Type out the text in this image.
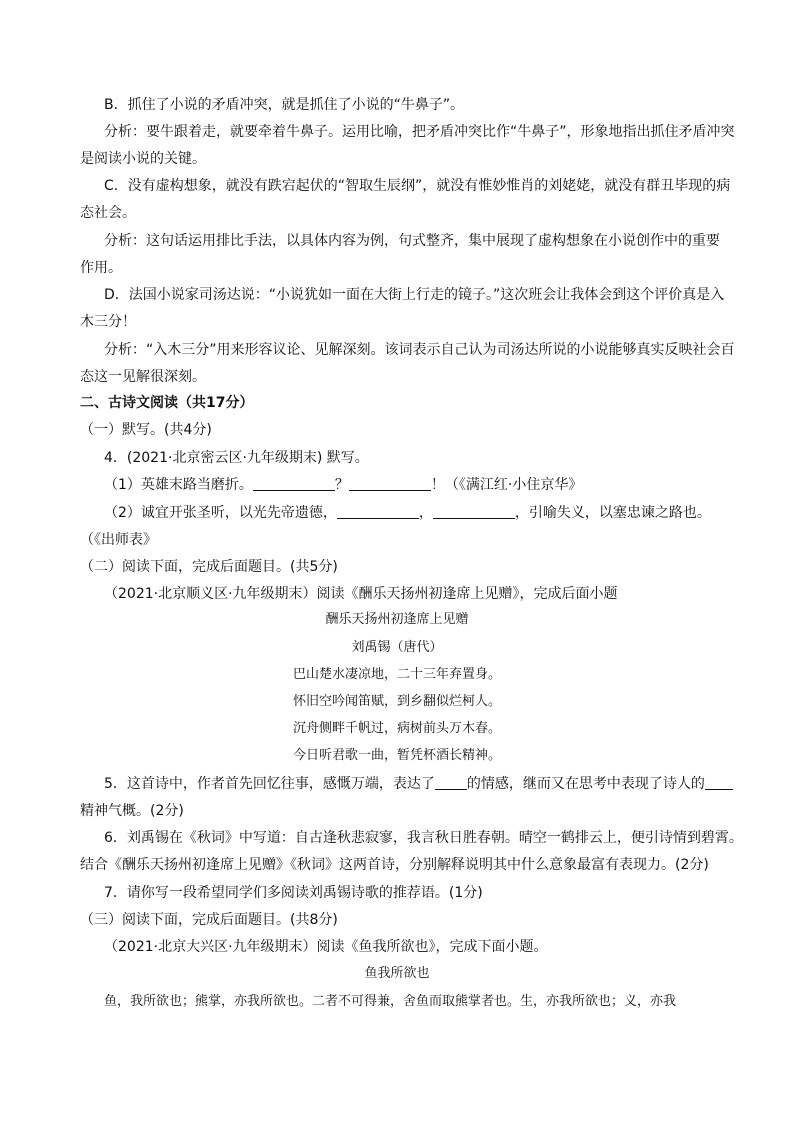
B．抓住了小说的矛盾冲突，就是抓住了小说的“牛鼻子”。
分析：要牛跟着走，就要牵着牛鼻子。运用比喻，把矛盾冲突比作“牛鼻子”，形象地指出抓住矛盾冲突
是阅读小说的关键。
C．没有虚构想象，就没有跌宕起伏的“智取生辰纲”，就没有惟妙惟肖的刘姥姥，就没有群丑毕现的病
态社会。
分析：这句话运用排比手法，以具体内容为例，句式整齐，集中展现了虚构想象在小说创作中的重要
作用。
D．法国小说家司汤达说：“小说犹如一面在大街上行走的镜子。”这次班会让我体会到这个评价真是入
木三分！
分析：“入木三分”用来形容议论、见解深刻。该词表示自己认为司汤达所说的小说能够真实反映社会百
态这一见解很深刻。
二、古诗文阅读（共17分）
（一）默写。(共4分)
4．(2021·北京密云区·九年级期末) 默写。
（1）英雄末路当磨折。	？	！（《满江红·小住京华》
（2）诚宜开张圣听，以光先帝遗德，	，	，引喻失义，以塞忠谏之路也。
（《出师表》
（二）阅读下面，完成后面题目。(共5分)
（2021·北京顺义区·九年级期末）阅读《酬乐天扬州初逢席上见赠》，完成后面小题
酬乐天扬州初逢席上见赠
刘禹锡（唐代）
巴山楚水凄凉地，二十三年弃置身。
怀旧空吟闻笛赋，到乡翻似烂柯人。
沉舟侧畔千帆过，病树前头万木春。
今日听君歌一曲，暂凭杯酒长精神。
5．这首诗中，作者首先回忆往事，感慨万端，表达了 的情感，继而又在思考中表现了诗人的
精神气概。(2分)
6．刘禹锡在《秋词》中写道：自古逢秋悲寂寥，我言秋日胜春朝。晴空一鹤排云上，便引诗情到碧霄。
结合《酬乐天扬州初逢席上见赠》《秋词》这两首诗，分别解释说明其中什么意象最富有表现力。(2分)
7．请你写一段希望同学们多阅读刘禹锡诗歌的推荐语。(1分)
（三）阅读下面，完成后面题目。(共8分)
（2021·北京大兴区·九年级期末）阅读《鱼我所欲也》，完成下面小题。
鱼我所欲也
鱼，我所欲也；熊掌，亦我所欲也。二者不可得兼，舍鱼而取熊掌者也。生，亦我所欲也；义，亦我
